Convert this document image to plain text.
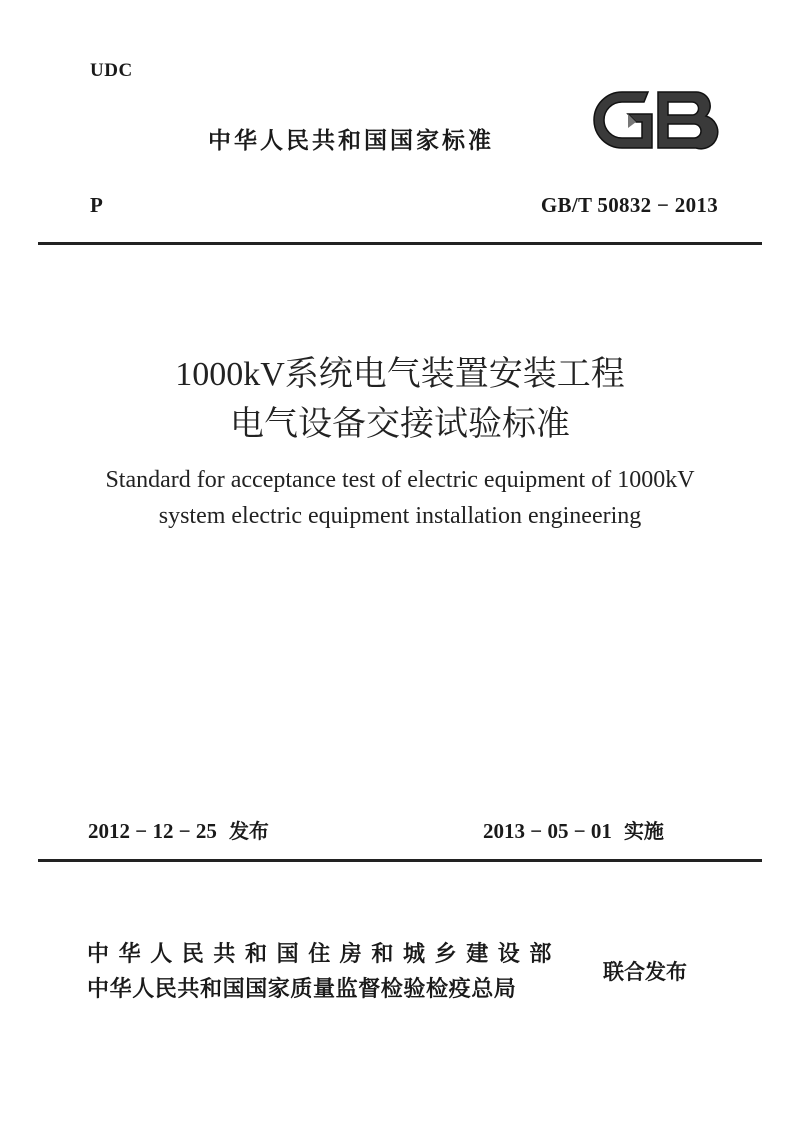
UDC
中华人民共和国国家标准
P	GB/T 50832 − 2013
1000kV系统电气装置安装工程
电气设备交接试验标准
Standard for acceptance test of electric equipment of 1000kV
system electric equipment installation engineering
2012 − 12 − 25 发布	2013 − 05 − 01 实施
中华人民共和国住房和城乡建设部
中华人民共和国国家质量监督检验检疫总局
联合发布
